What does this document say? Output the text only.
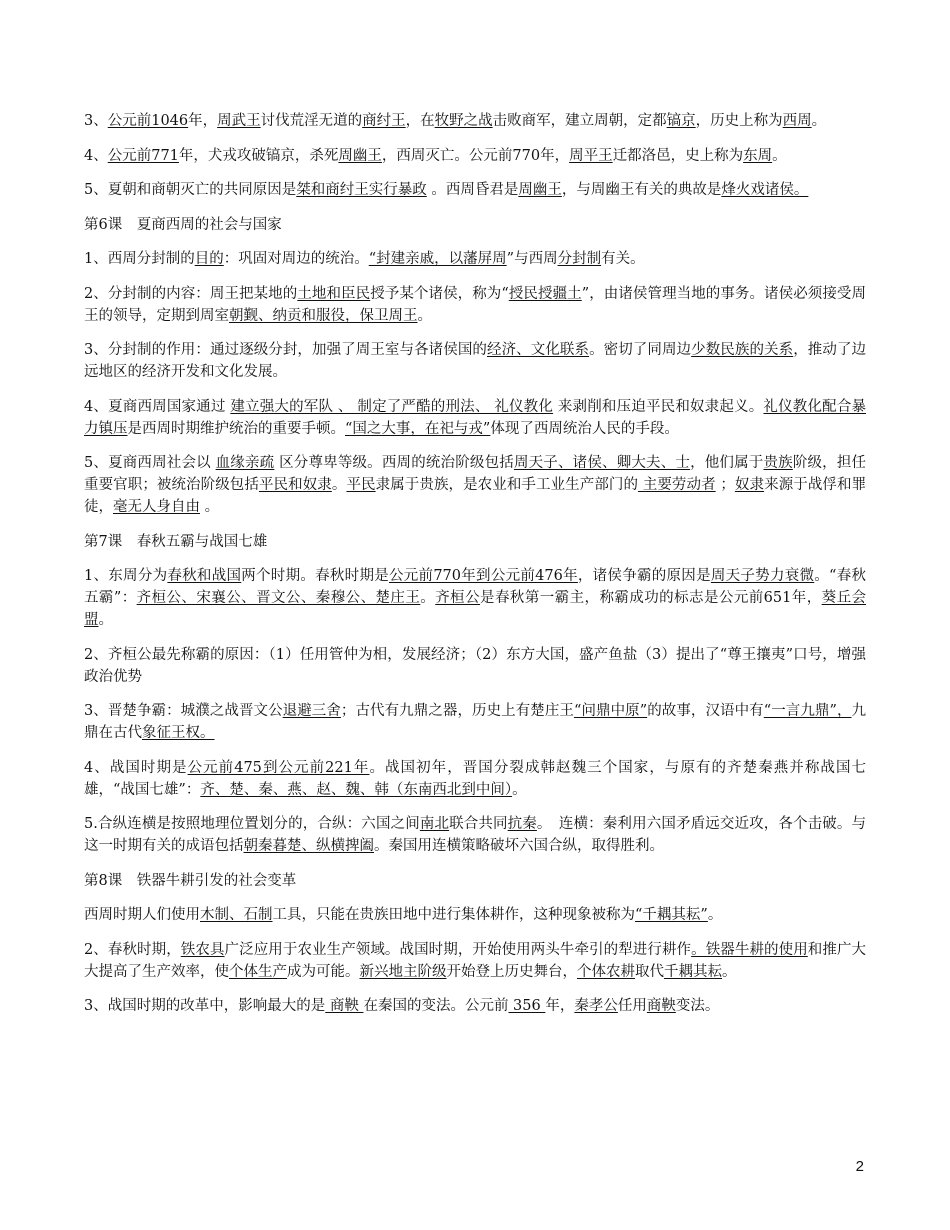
3、公元前1046年，周武王讨伐荒淫无道的商纣王，在牧野之战击败商军，建立周朝，定都镐京，历史上称为西周。

4、公元前771年，犬戎攻破镐京，杀死周幽王，西周灭亡。公元前770年，周平王迁都洛邑，史上称为东周。

5、夏朝和商朝灭亡的共同原因是桀和商纣王实行暴政 。西周昏君是周幽王，与周幽王有关的典故是烽火戏诸侯。

第6课　夏商西周的社会与国家

1、西周分封制的目的：巩固对周边的统治。“封建亲戚，以藩屏周”与西周分封制有关。

2、分封制的内容：周王把某地的土地和臣民授予某个诸侯，称为“授民授疆土”，由诸侯管理当地的事务。诸侯必须接受周王的领导，定期到周室朝觐、纳贡和服役，保卫周王。

3、分封制的作用：通过逐级分封，加强了周王室与各诸侯国的经济、文化联系。密切了同周边少数民族的关系，推动了边远地区的经济开发和文化发展。

4、夏商西周国家通过 建立强大的军队 、 制定了严酷的刑法、 礼仪教化 来剥削和压迫平民和奴隶起义。礼仪教化配合暴力镇压是西周时期维护统治的重要手顿。“国之大事，在祀与戎”体现了西周统治人民的手段。

5、夏商西周社会以 血缘亲疏 区分尊卑等级。西周的统治阶级包括周天子、诸侯、卿大夫、士，他们属于贵族阶级，担任重要官职；被统治阶级包括平民和奴隶。平民隶属于贵族，是农业和手工业生产部门的 主要劳动者 ；奴隶来源于战俘和罪徒，毫无人身自由 。

第7课　春秋五霸与战国七雄

1、东周分为春秋和战国两个时期。春秋时期是公元前770年到公元前476年，诸侯争霸的原因是周天子势力衰微。“春秋五霸”：齐桓公、宋襄公、晋文公、秦穆公、楚庄王。齐桓公是春秋第一霸主，称霸成功的标志是公元前651年，葵丘会盟。

2、齐桓公最先称霸的原因：（1）任用管仲为相，发展经济；（2）东方大国，盛产鱼盐（3）提出了“尊王攘夷”口号，增强政治优势

3、晋楚争霸：城濮之战晋文公退避三舍；古代有九鼎之器，历史上有楚庄王“问鼎中原”的故事，汉语中有“一言九鼎”，九鼎在古代象征王权。

4、战国时期是公元前475到公元前221年。战国初年，晋国分裂成韩赵魏三个国家，与原有的齐楚秦燕并称战国七雄，“战国七雄”：齐、楚、秦、燕、赵、魏、韩（东南西北到中间）。

5.合纵连横是按照地理位置划分的，合纵：六国之间南北联合共同抗秦。　连横：秦利用六国矛盾远交近攻，各个击破。与这一时期有关的成语包括朝秦暮楚、纵横捭阖。秦国用连横策略破坏六国合纵，取得胜利。

第8课　铁器牛耕引发的社会变革

西周时期人们使用木制、石制工具，只能在贵族田地中进行集体耕作，这种现象被称为“千耦其耘”。

2、春秋时期，铁农具广泛应用于农业生产领域。战国时期，开始使用两头牛牵引的犁进行耕作。铁器牛耕的使用和推广大大提高了生产效率，使个体生产成为可能。新兴地主阶级开始登上历史舞台，个体农耕取代千耦其耘。

3、战国时期的改革中，影响最大的是 商鞅 在秦国的变法。公元前 356 年，秦孝公任用商鞅变法。

2
